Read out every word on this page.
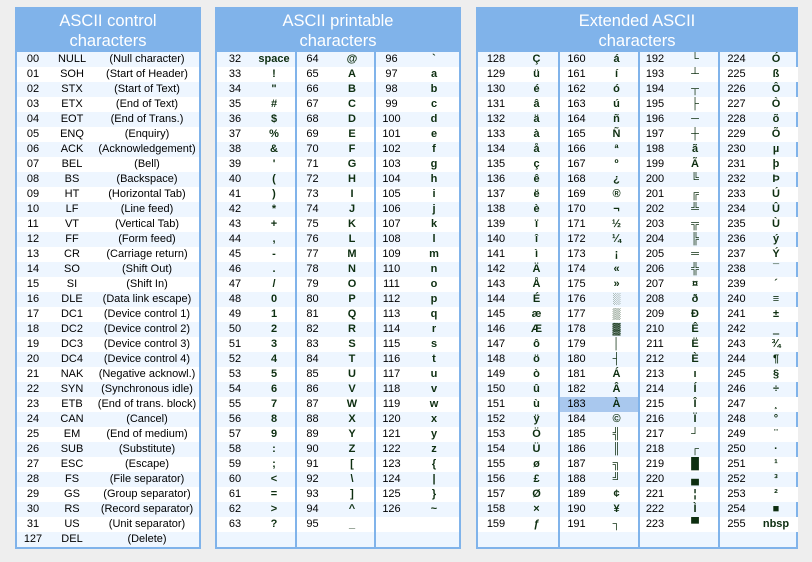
ASCII control
characters
00	NULL	(Null character)
01	SOH	(Start of Header)
02	STX	(Start of Text)
03	ETX	(End of Text)
04	EOT	(End of Trans.)
05	ENQ	(Enquiry)
06	ACK	(Acknowledgement)
07	BEL	(Bell)
08	BS	(Backspace)
09	HT	(Horizontal Tab)
10	LF	(Line feed)
11	VT	(Vertical Tab)
12	FF	(Form feed)
13	CR	(Carriage return)
14	SO	(Shift Out)
15	SI	(Shift In)
16	DLE	(Data link escape)
17	DC1	(Device control 1)
18	DC2	(Device control 2)
19	DC3	(Device control 3)
20	DC4	(Device control 4)
21	NAK	(Negative acknowl.)
22	SYN	(Synchronous idle)
23	ETB	(End of trans. block)
24	CAN	(Cancel)
25	EM	(End of medium)
26	SUB	(Substitute)
27	ESC	(Escape)
28	FS	(File separator)
29	GS	(Group separator)
30	RS	(Record separator)
31	US	(Unit separator)
127	DEL	(Delete)
ASCII printable
characters
32	space
33	!
34	"
35	#
36	$
37	%
38	&
39	'
40	(
41	)
42	*
43	+
44	,
45	-
46	.
47	/
48	0
49	1
50	2
51	3
52	4
53	5
54	6
55	7
56	8
57	9
58	:
59	;
60	<
61	=
62	>
63	?
64	@
65	A
66	B
67	C
68	D
69	E
70	F
71	G
72	H
73	I
74	J
75	K
76	L
77	M
78	N
79	O
80	P
81	Q
82	R
83	S
84	T
85	U
86	V
87	W
88	X
89	Y
90	Z
91	[
92	\
93	]
94	^
95	_
96	`
97	a
98	b
99	c
100	d
101	e
102	f
103	g
104	h
105	i
106	j
107	k
108	l
109	m
110	n
111	o
112	p
113	q
114	r
115	s
116	t
117	u
118	v
119	w
120	x
121	y
122	z
123	{
124	|
125	}
126	~
Extended ASCII
characters
128	Ç
129	ü
130	é
131	â
132	ä
133	à
134	å
135	ç
136	ê
137	ë
138	è
139	ï
140	î
141	ì
142	Ä
143	Å
144	É
145	æ
146	Æ
147	ô
148	ö
149	ò
150	û
151	ù
152	ÿ
153	Ö
154	Ü
155	ø
156	£
157	Ø
158	×
159	ƒ
160	á
161	í
162	ó
163	ú
164	ñ
165	Ñ
166	ª
167	º
168	¿
169	®
170	¬
171	½
172	¼
173	¡
174	«
175	»
176	░
177	▒
178	▓
179	│
180	┤
181	Á
182	Â
183	À
184	©
185	╣
186	║
187	╗
188	╝
189	¢
190	¥
191	┐
192	└
193	┴
194	┬
195	├
196	─
197	┼
198	ã
199	Ã
200	╚
201	╔
202	╩
203	╦
204	╠
205	═
206	╬
207	¤
208	ð
209	Ð
210	Ê
211	Ë
212	È
213	ı
214	Í
215	Î
216	Ï
217	┘
218	┌
219	█
220	▄
221	¦
222	Ì
223	▀
224	Ó
225	ß
226	Ô
227	Ò
228	õ
229	Õ
230	µ
231	þ
232	Þ
233	Ú
234	Û
235	Ù
236	ý
237	Ý
238	¯
239	´
240	≡
241	±
242	‗
243	¾
244	¶
245	§
246	÷
247	¸
248	°
249	¨
250	·
251	¹
252	³
253	²
254	■
255	nbsp
